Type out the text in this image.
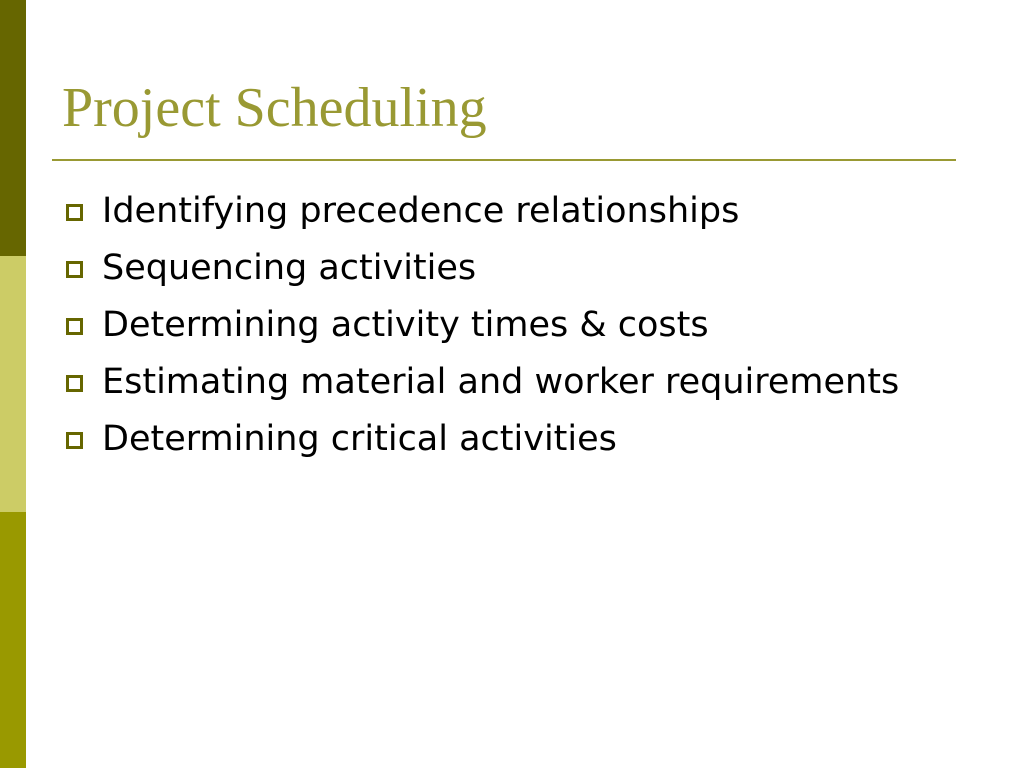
Project Scheduling
Identifying precedence relationships
Sequencing activities
Determining activity times & costs
Estimating material and worker requirements
Determining critical activities
